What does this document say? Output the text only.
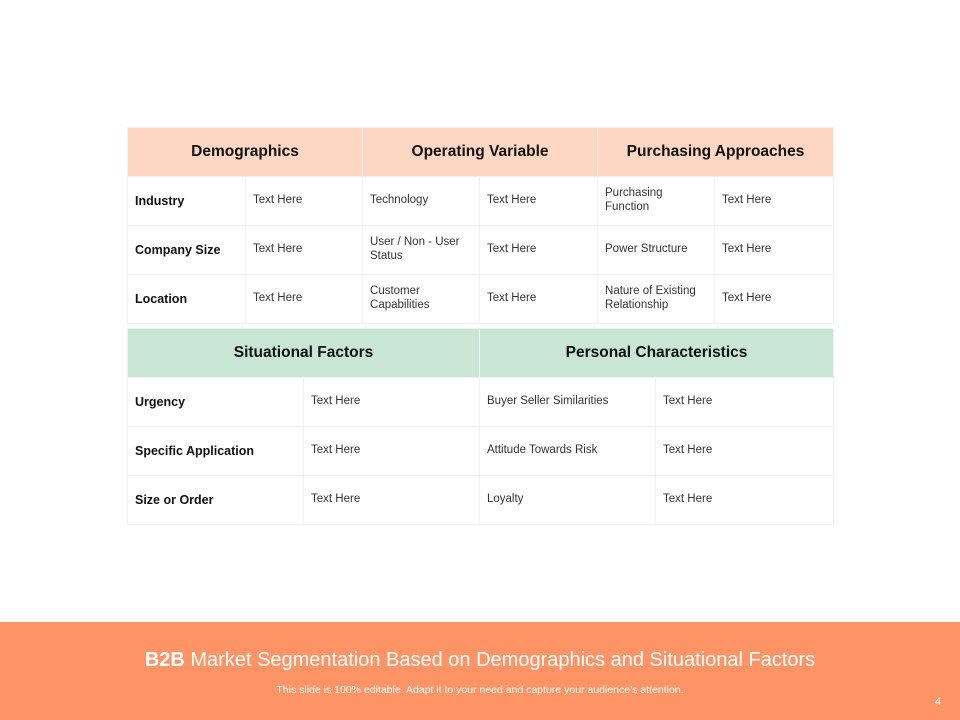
Demographics		Operating Variable		Purchasing Approaches	
Industry	Text Here	Technology	Text Here	Purchasing Function	Text Here
Company Size	Text Here	User / Non - User Status	Text Here	Power Structure	Text Here
Location	Text Here	Customer Capabilities	Text Here	Nature of Existing Relationship	Text Here
Situational Factors		Personal Characteristics	
Urgency	Text Here	Buyer Seller Similarities	Text Here
Specific Application	Text Here	Attitude Towards Risk	Text Here
Size or Order	Text Here	Loyalty	Text Here
B2B Market Segmentation Based on Demographics and Situational Factors
This slide is 100% editable. Adapt it to your need and capture your audience’s attention.
4
